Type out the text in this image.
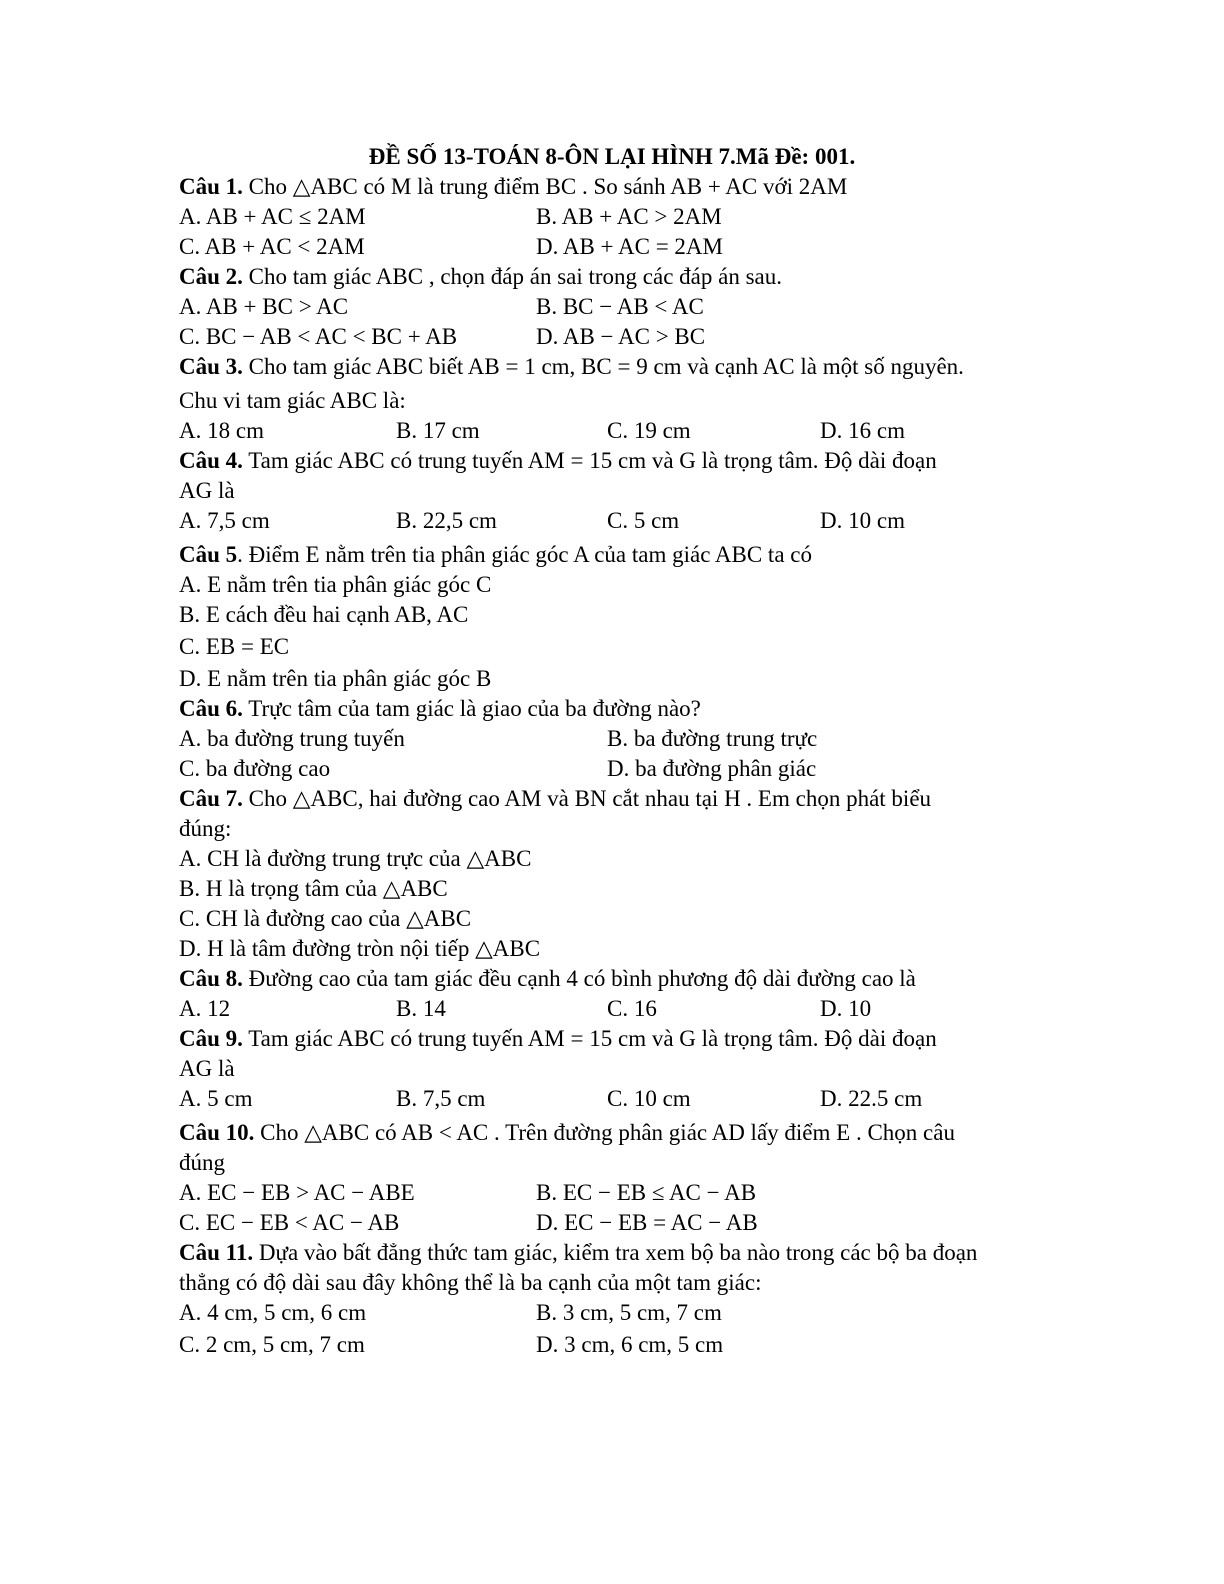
ĐỀ SỐ 13-TOÁN 8-ÔN LẠI HÌNH 7.Mã Đề: 001.
Câu 1. Cho △ABC có M là trung điểm BC . So sánh AB + AC với 2AM
A. AB + AC ≤ 2AM	B. AB + AC > 2AM
C. AB + AC < 2AM	D. AB + AC = 2AM
Câu 2. Cho tam giác ABC , chọn đáp án sai trong các đáp án sau.
A. AB + BC > AC	B. BC − AB < AC
C. BC − AB < AC < BC + AB	D. AB − AC > BC
Câu 3. Cho tam giác ABC biết AB = 1 cm, BC = 9 cm và cạnh AC là một số nguyên.
Chu vi tam giác ABC là:
A. 18 cm	B. 17 cm	C. 19 cm	D. 16 cm
Câu 4. Tam giác ABC có trung tuyến AM = 15 cm và G là trọng tâm. Độ dài đoạn
AG là
A. 7,5 cm	B. 22,5 cm	C. 5 cm	D. 10 cm
Câu 5. Điểm E nằm trên tia phân giác góc A của tam giác ABC ta có
A. E nằm trên tia phân giác góc C
B. E cách đều hai cạnh AB, AC
C. EB = EC
D. E nằm trên tia phân giác góc B
Câu 6. Trực tâm của tam giác là giao của ba đường nào?
A. ba đường trung tuyến	B. ba đường trung trực
C. ba đường cao	D. ba đường phân giác
Câu 7. Cho △ABC, hai đường cao AM và BN cắt nhau tại H . Em chọn phát biểu
đúng:
A. CH là đường trung trực của △ABC
B. H là trọng tâm của △ABC
C. CH là đường cao của △ABC
D. H là tâm đường tròn nội tiếp △ABC
Câu 8. Đường cao của tam giác đều cạnh 4 có bình phương độ dài đường cao là
A. 12	B. 14	C. 16	D. 10
Câu 9. Tam giác ABC có trung tuyến AM = 15 cm và G là trọng tâm. Độ dài đoạn
AG là
A. 5 cm	B. 7,5 cm	C. 10 cm	D. 22.5 cm
Câu 10. Cho △ABC có AB < AC . Trên đường phân giác AD lấy điểm E . Chọn câu
đúng
A. EC − EB > AC − ABE	B. EC − EB ≤ AC − AB
C. EC − EB < AC − AB	D. EC − EB = AC − AB
Câu 11. Dựa vào bất đẳng thức tam giác, kiểm tra xem bộ ba nào trong các bộ ba đoạn
thẳng có độ dài sau đây không thể là ba cạnh của một tam giác:
A. 4 cm, 5 cm, 6 cm	B. 3 cm, 5 cm, 7 cm
C. 2 cm, 5 cm, 7 cm	D. 3 cm, 6 cm, 5 cm
